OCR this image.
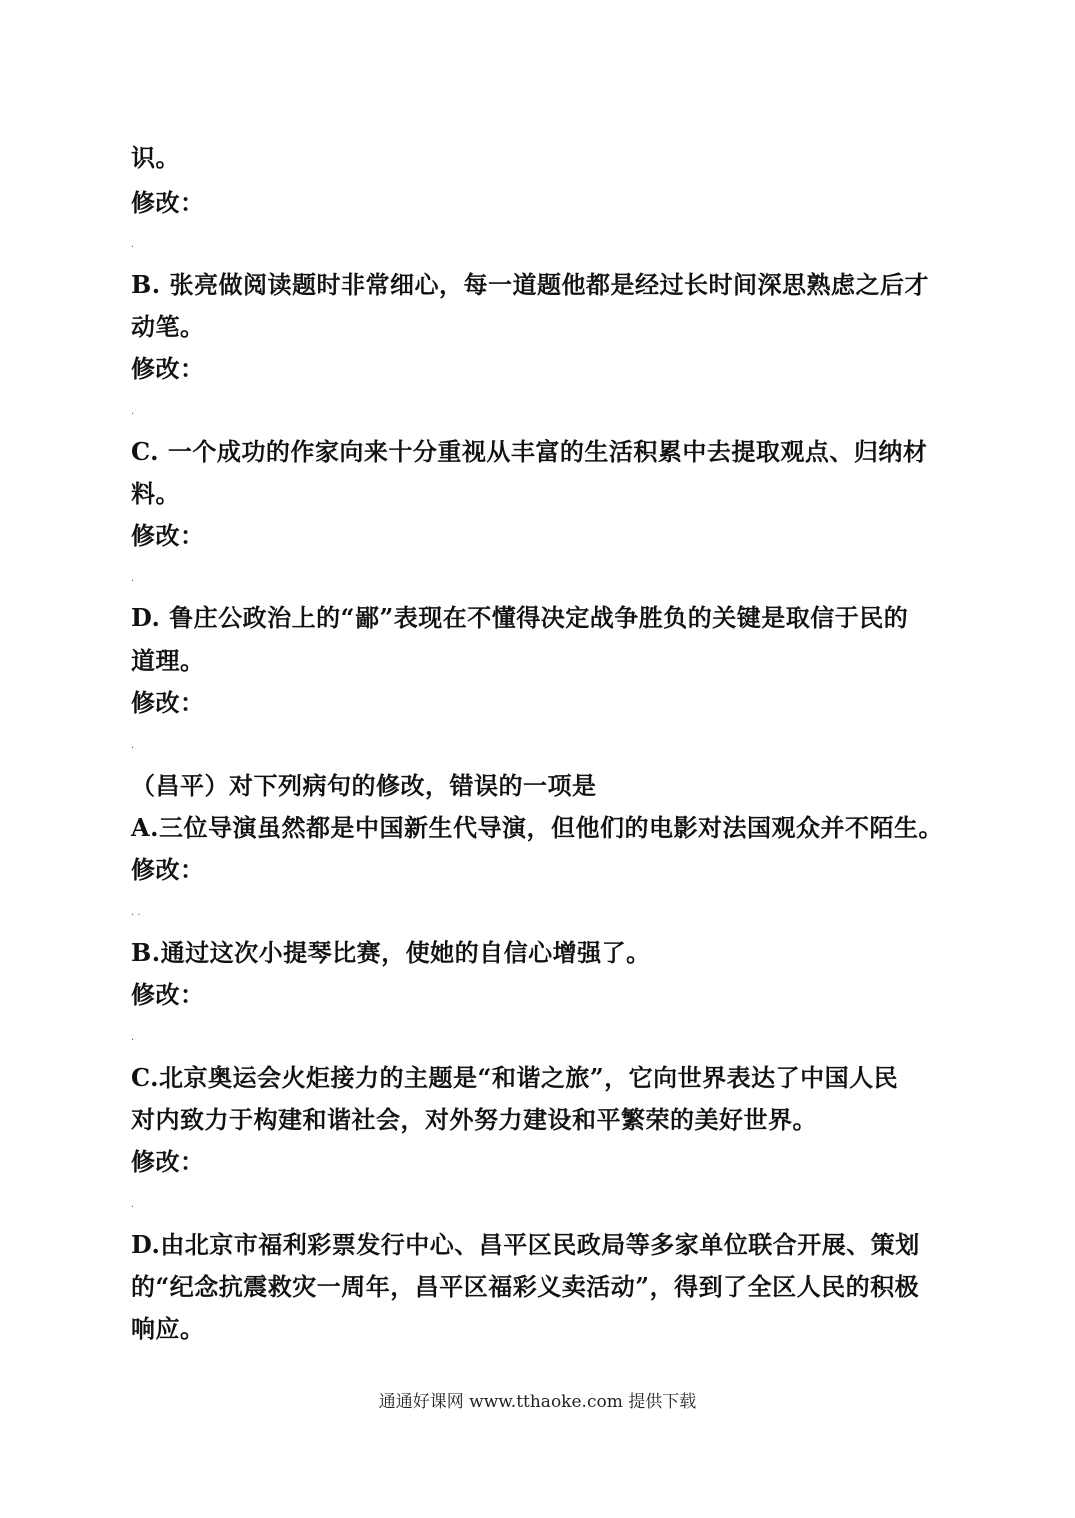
识。
修改：
.
B. 张亮做阅读题时非常细心，每一道题他都是经过长时间深思熟虑之后才
动笔。
修改：
.
C. 一个成功的作家向来十分重视从丰富的生活积累中去提取观点、归纳材
料。
修改：
.
D. 鲁庄公政治上的“鄙”表现在不懂得决定战争胜负的关键是取信于民的
道理。
修改：
.
（昌平）对下列病句的修改，错误的一项是
A.三位导演虽然都是中国新生代导演，但他们的电影对法国观众并不陌生。
修改：
. .
B.通过这次小提琴比赛，使她的自信心增强了。
修改：
.
C.北京奥运会火炬接力的主题是“和谐之旅”，它向世界表达了中国人民
对内致力于构建和谐社会，对外努力建设和平繁荣的美好世界。
修改：
.
D.由北京市福利彩票发行中心、昌平区民政局等多家单位联合开展、策划
的“纪念抗震救灾一周年，昌平区福彩义卖活动”，得到了全区人民的积极
响应。
通通好课网 www.tthaoke.com 提供下载
